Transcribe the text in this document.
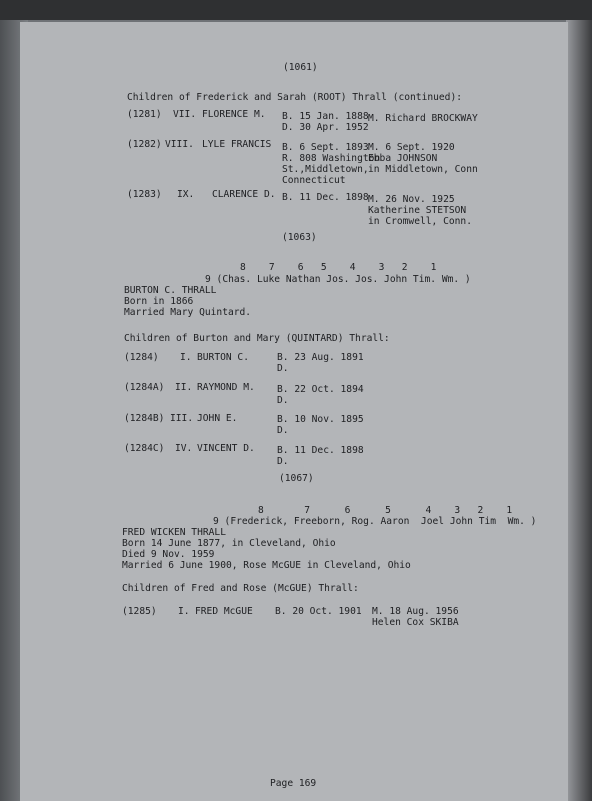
(1061)
Children of Frederick and Sarah (ROOT) Thrall (continued):
(1281) VII. FLORENCE M. B. 15 Jan. 1888
D. 30 Apr. 1952
M. Richard BROCKWAY
(1282) VIII. LYLE FRANCIS B. 6 Sept. 1893
R. 808 Washington
St.,Middletown,
Connecticut
M. 6 Sept. 1920
Ebba JOHNSON
in Middletown, Conn
(1283) IX. CLARENCE D. B. 11 Dec. 1898 M. 26 Nov. 1925
Katherine STETSON
in Cromwell, Conn.
(1063)
8    7    6   5    4    3   2    1
9 (Chas. Luke Nathan Jos. Jos. John Tim. Wm. )
BURTON C. THRALL
Born in 1866
Married Mary Quintard.
Children of Burton and Mary (QUINTARD) Thrall:
(1284) I. BURTON C.	B. 23 Aug. 1891
D.
(1284A) II. RAYMOND M. B. 22 Oct. 1894
D.
(1284B) III. JOHN E.	B. 10 Nov. 1895
D.
(1284C) IV. VINCENT D. B. 11 Dec. 1898
D.
(1067)
8       7      6      5      4    3   2    1
9 (Frederick, Freeborn, Rog. Aaron  Joel John Tim  Wm. )
FRED WICKEN THRALL
Born 14 June 1877, in Cleveland, Ohio
Died 9 Nov. 1959
Married 6 June 1900, Rose McGUE in Cleveland, Ohio
Children of Fred and Rose (McGUE) Thrall:
(1285) I. FRED McGUE B. 20 Oct. 1901 M. 18 Aug. 1956
Helen Cox SKIBA
Page 169
